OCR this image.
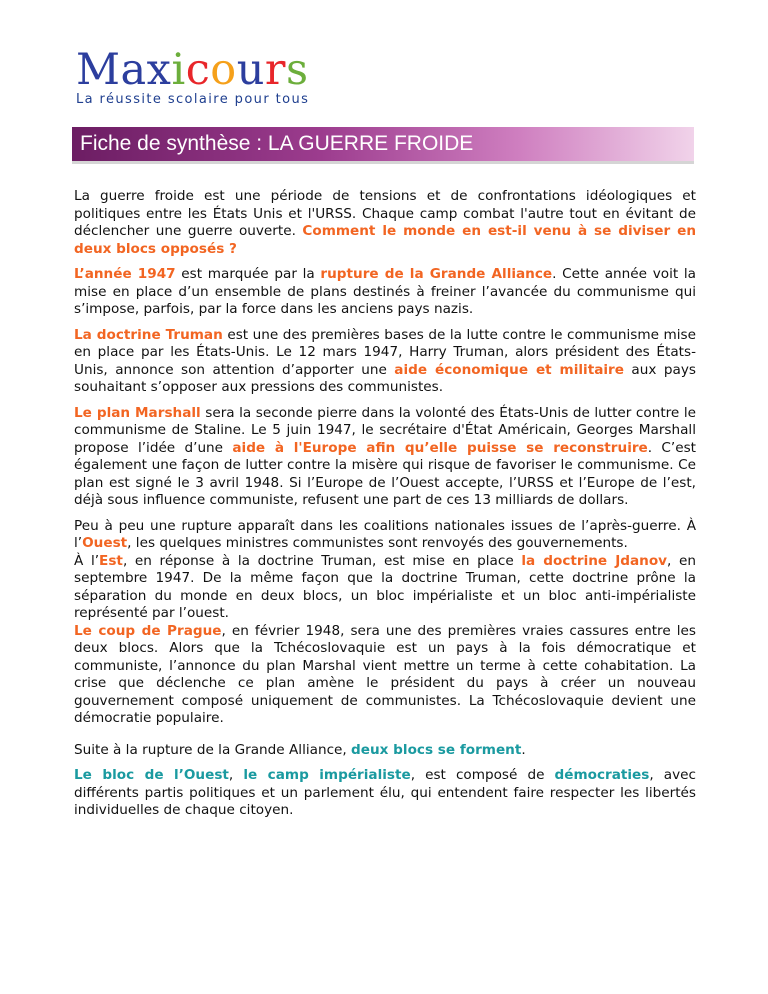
Maxicours
La réussite scolaire pour tous
Fiche de synthèse : LA GUERRE FROIDE

La guerre froide est une période de tensions et de confrontations idéologiques et politiques entre les États Unis et l'URSS. Chaque camp combat l'autre tout en évitant de déclencher une guerre ouverte. Comment le monde en est-il venu à se diviser en deux blocs opposés ?

L’année 1947 est marquée par la rupture de la Grande Alliance. Cette année voit la mise en place d’un ensemble de plans destinés à freiner l’avancée du communisme qui s’impose, parfois, par la force dans les anciens pays nazis.

La doctrine Truman est une des premières bases de la lutte contre le communisme mise en place par les États-Unis. Le 12 mars 1947, Harry Truman, alors président des États-Unis, annonce son attention d’apporter une aide économique et militaire aux pays souhaitant s’opposer aux pressions des communistes.

Le plan Marshall sera la seconde pierre dans la volonté des États-Unis de lutter contre le communisme de Staline. Le 5 juin 1947, le secrétaire d'État Américain, Georges Marshall propose l’idée d’une aide à l'Europe afin qu’elle puisse se reconstruire. C’est également une façon de lutter contre la misère qui risque de favoriser le communisme. Ce plan est signé le 3 avril 1948. Si l’Europe de l’Ouest accepte, l’URSS et l’Europe de l’est, déjà sous influence communiste, refusent une part de ces 13 milliards de dollars.

Peu à peu une rupture apparaît dans les coalitions nationales issues de l’après-guerre. À l’Ouest, les quelques ministres communistes sont renvoyés des gouvernements.

À l’Est, en réponse à la doctrine Truman, est mise en place la doctrine Jdanov, en septembre 1947. De la même façon que la doctrine Truman, cette doctrine prône la séparation du monde en deux blocs, un bloc impérialiste et un bloc anti-impérialiste représenté par l’ouest.

Le coup de Prague, en février 1948, sera une des premières vraies cassures entre les deux blocs. Alors que la Tchécoslovaquie est un pays à la fois démocratique et communiste, l’annonce du plan Marshal vient mettre un terme à cette cohabitation. La crise que déclenche ce plan amène le président du pays à créer un nouveau gouvernement composé uniquement de communistes. La Tchécoslovaquie devient une démocratie populaire.

Suite à la rupture de la Grande Alliance, deux blocs se forment.

Le bloc de l’Ouest, le camp impérialiste, est composé de démocraties, avec différents partis politiques et un parlement élu, qui entendent faire respecter les libertés individuelles de chaque citoyen.
